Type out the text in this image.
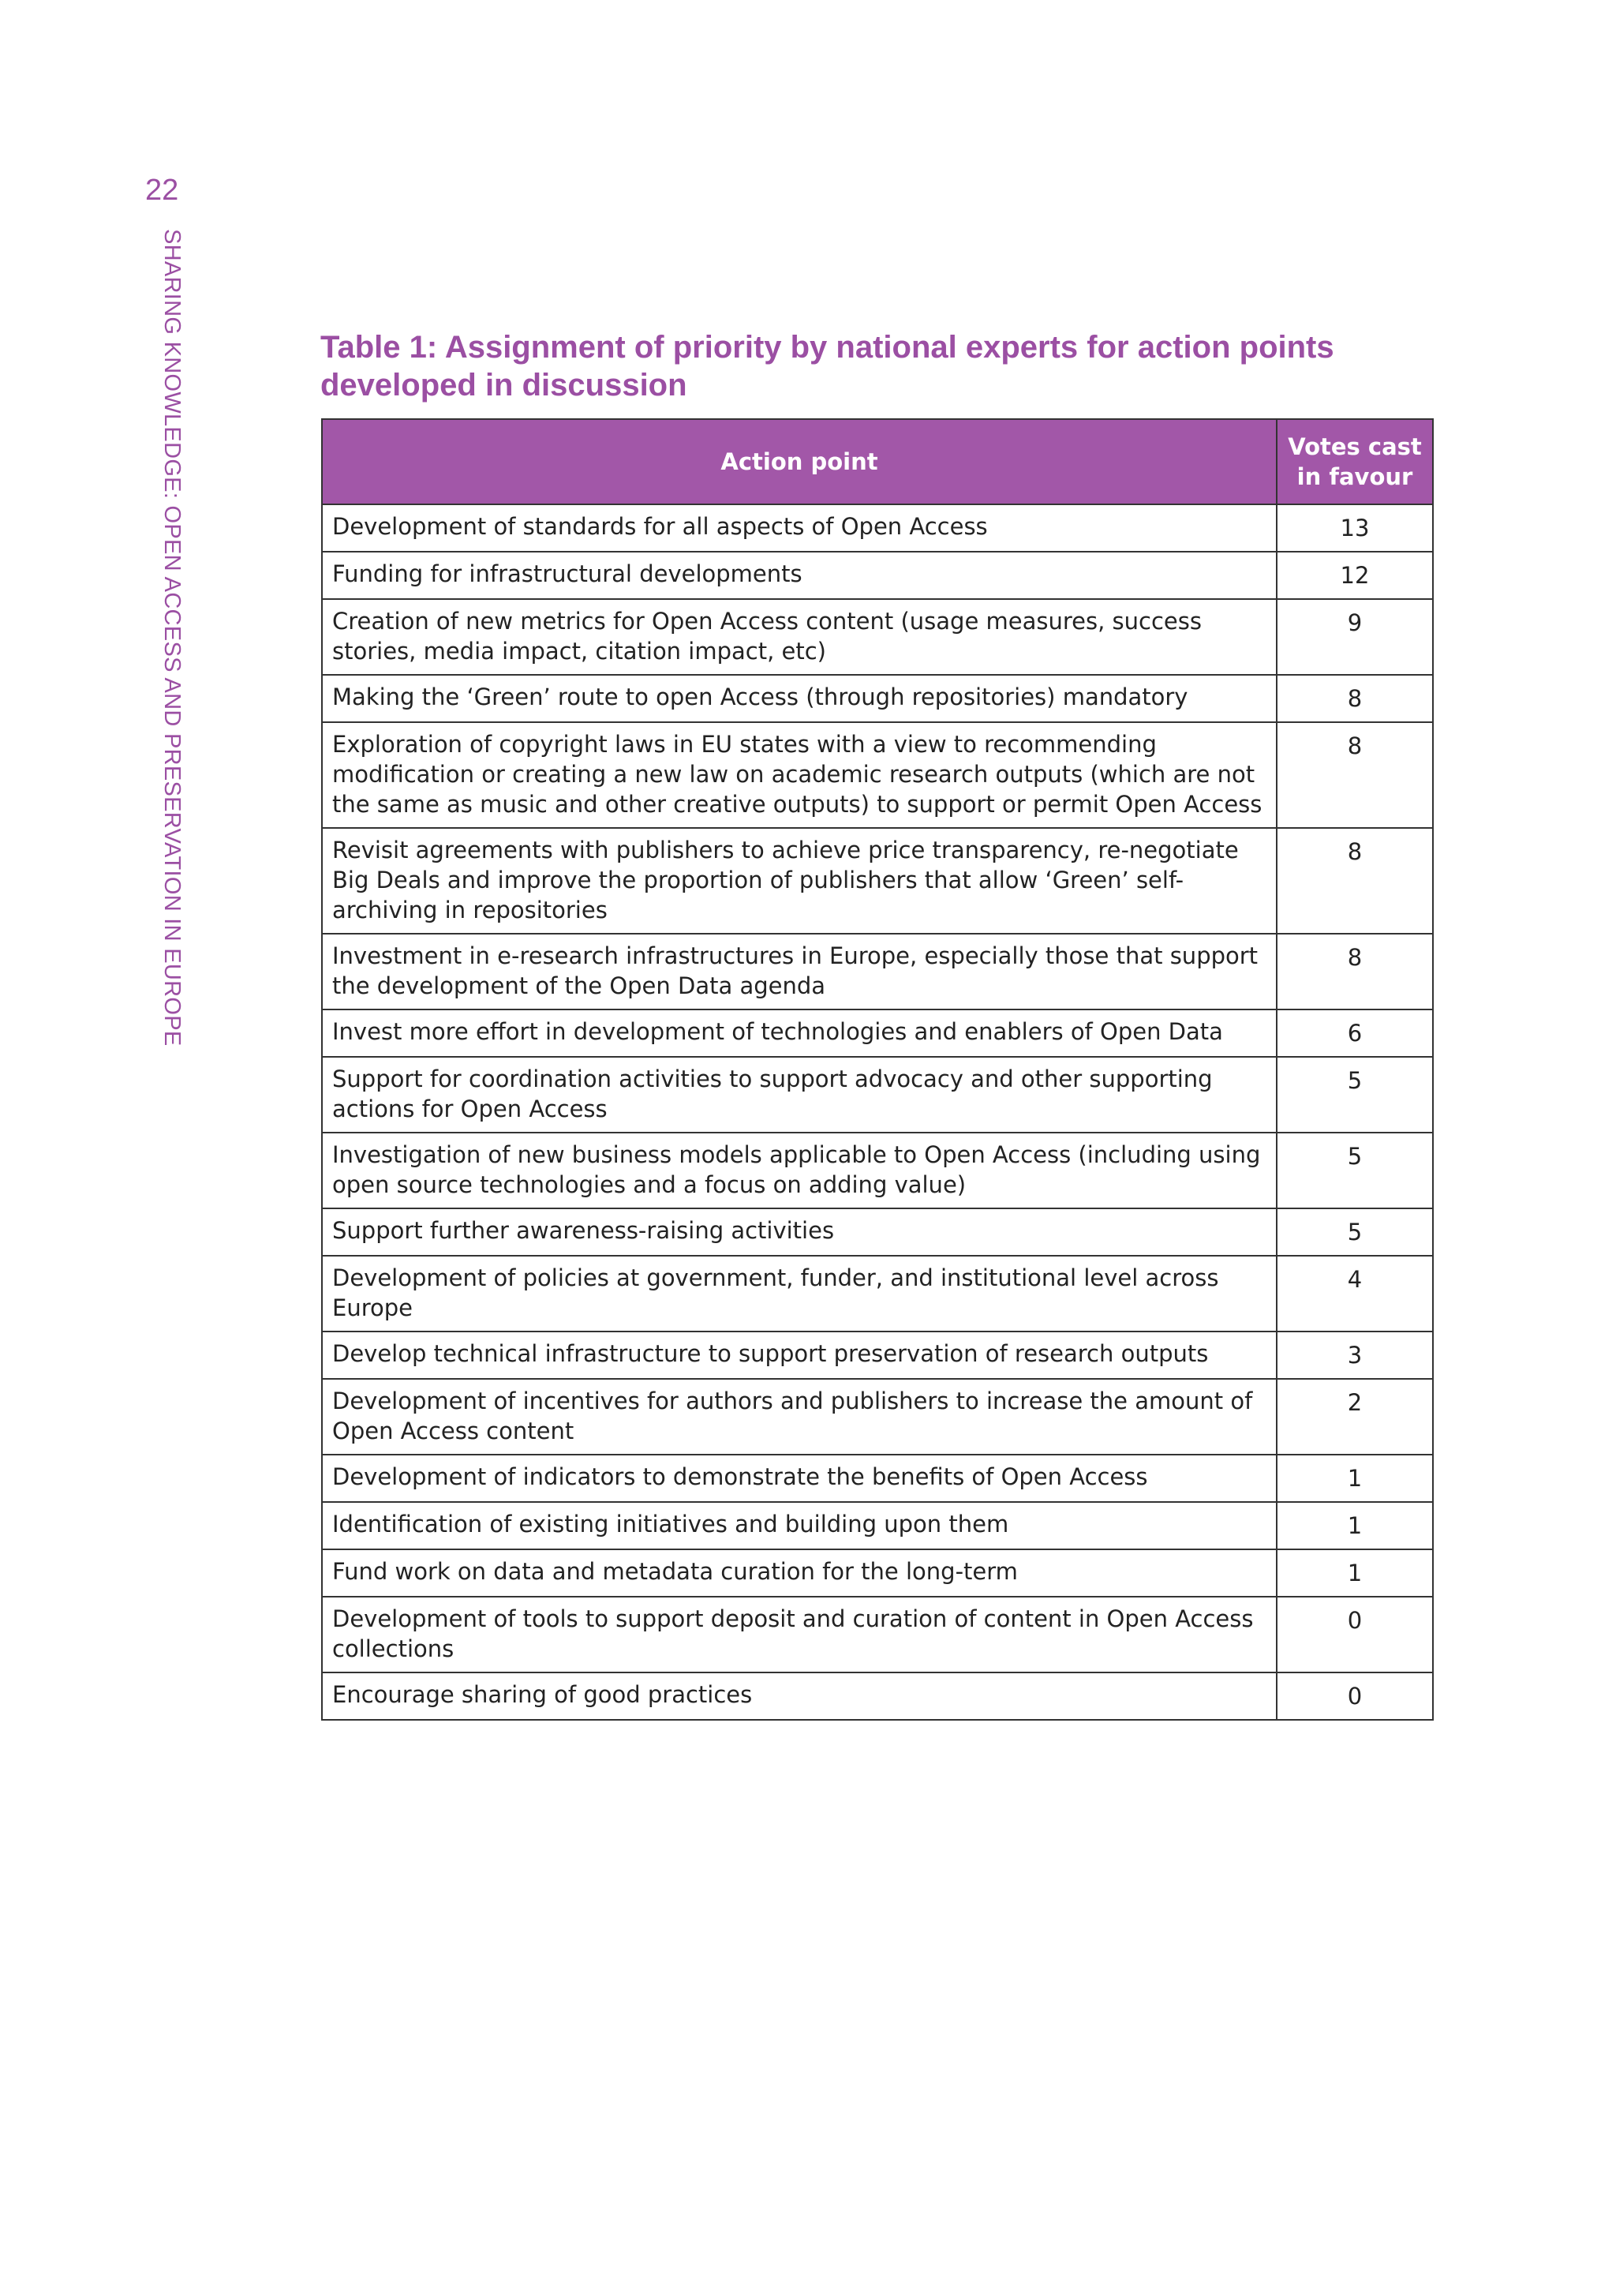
22
SHARING KNOWLEDGE: OPEN ACCESS AND PRESERVATION IN EUROPE	Table 1: Assignment of priority by national experts for action points developed in discussion
Action point	Votes cast in favour
Development of standards for all aspects of Open Access	13
Funding for infrastructural developments	12
Creation of new metrics for Open Access content (usage measures, success stories, media impact, citation impact, etc)	9
Making the ‘Green’ route to open Access (through repositories) mandatory	8
Exploration of copyright laws in EU states with a view to recommending modification or creating a new law on academic research outputs (which are not the same as music and other creative outputs) to support or permit Open Access	8
Revisit agreements with publishers to achieve price transparency, re-negotiate Big Deals and improve the proportion of publishers that allow ‘Green’ self-archiving in repositories	8
Investment in e-research infrastructures in Europe, especially those that support the development of the Open Data agenda	8
Invest more effort in development of technologies and enablers of Open Data	6
Support for coordination activities to support advocacy and other supporting actions for Open Access	5
Investigation of new business models applicable to Open Access (including using open source technologies and a focus on adding value)	5
Support further awareness-raising activities	5
Development of policies at government, funder, and institutional level across Europe	4
Develop technical infrastructure to support preservation of research outputs	3
Development of incentives for authors and publishers to increase the amount of Open Access content	2
Development of indicators to demonstrate the benefits of Open Access	1
Identification of existing initiatives and building upon them	1
Fund work on data and metadata curation for the long-term	1
Development of tools to support deposit and curation of content in Open Access collections	0
Encourage sharing of good practices	0
